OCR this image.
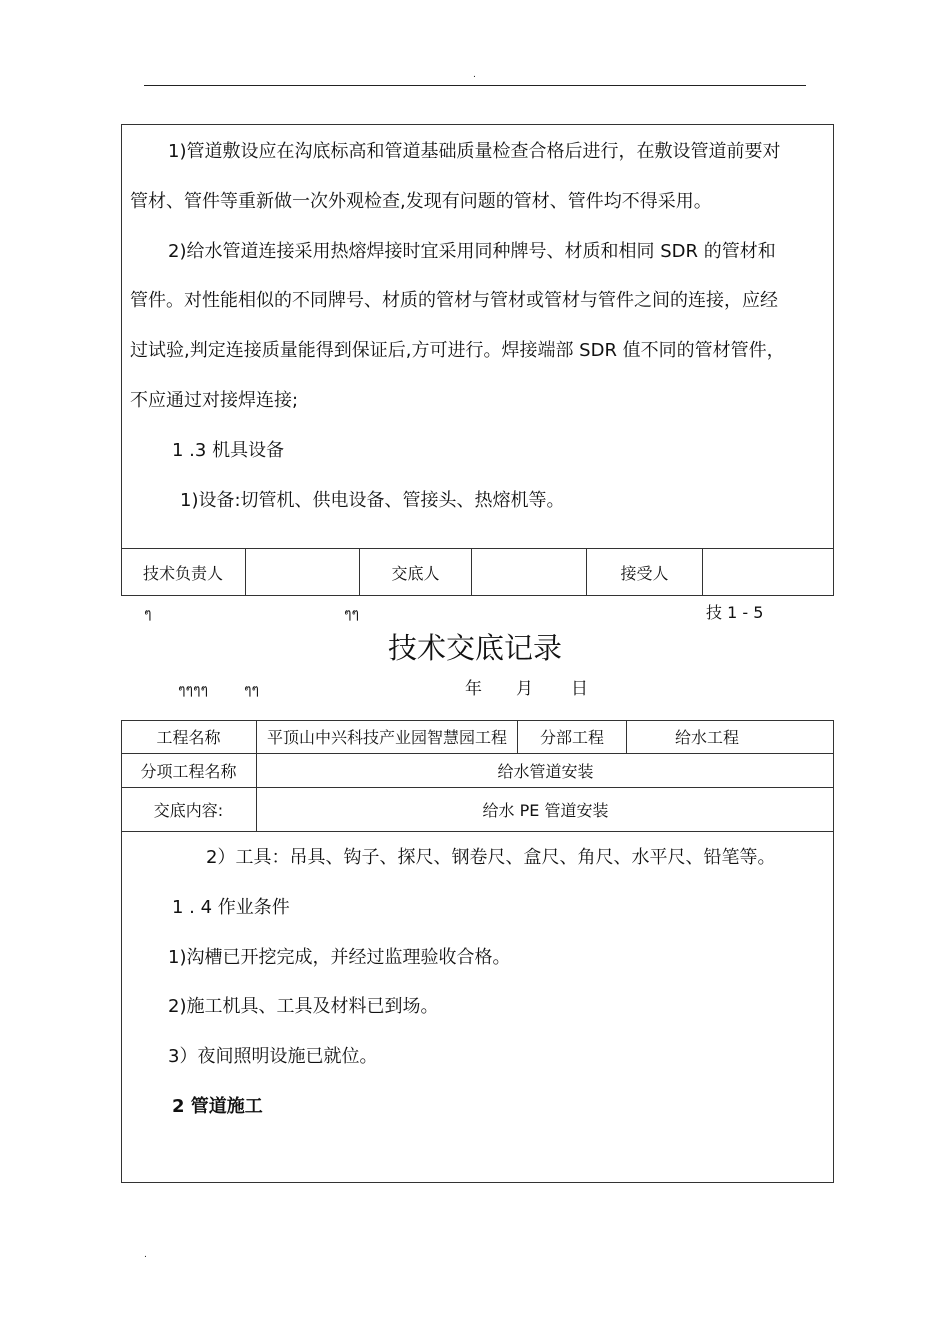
.
1)管道敷设应在沟底标高和管道基础质量检查合格后进行，在敷设管道前要对
管材、管件等重新做一次外观检查,发现有问题的管材、管件均不得采用。
2)给水管道连接采用热熔焊接时宜采用同种牌号、材质和相同 SDR 的管材和
管件。对性能相似的不同牌号、材质的管材与管材或管材与管件之间的连接，应经
过试验,判定连接质量能得到保证后,方可进行。焊接端部 SDR 值不同的管材管件，
不应通过对接焊连接;
1 .3 机具设备
1)设备:切管机、供电设备、管接头、热熔机等。
技术负责人	交底人	接受人
ๆ	ๆๆ	技 1 - 5
技术交底记录
ๆๆๆๆ	ๆๆ	年 月 日
工程名称	平顶山中兴科技产业园智慧园工程	分部工程	给水工程
分项工程名称	给水管道安装
交底内容:	给水 PE 管道安装
2）工具：吊具、钩子、探尺、钢卷尺、盒尺、角尺、水平尺、铅笔等。
1 . 4 作业条件
1)沟槽已开挖完成，并经过监理验收合格。
2)施工机具、工具及材料已到场。
3）夜间照明设施已就位。
2 管道施工
.
